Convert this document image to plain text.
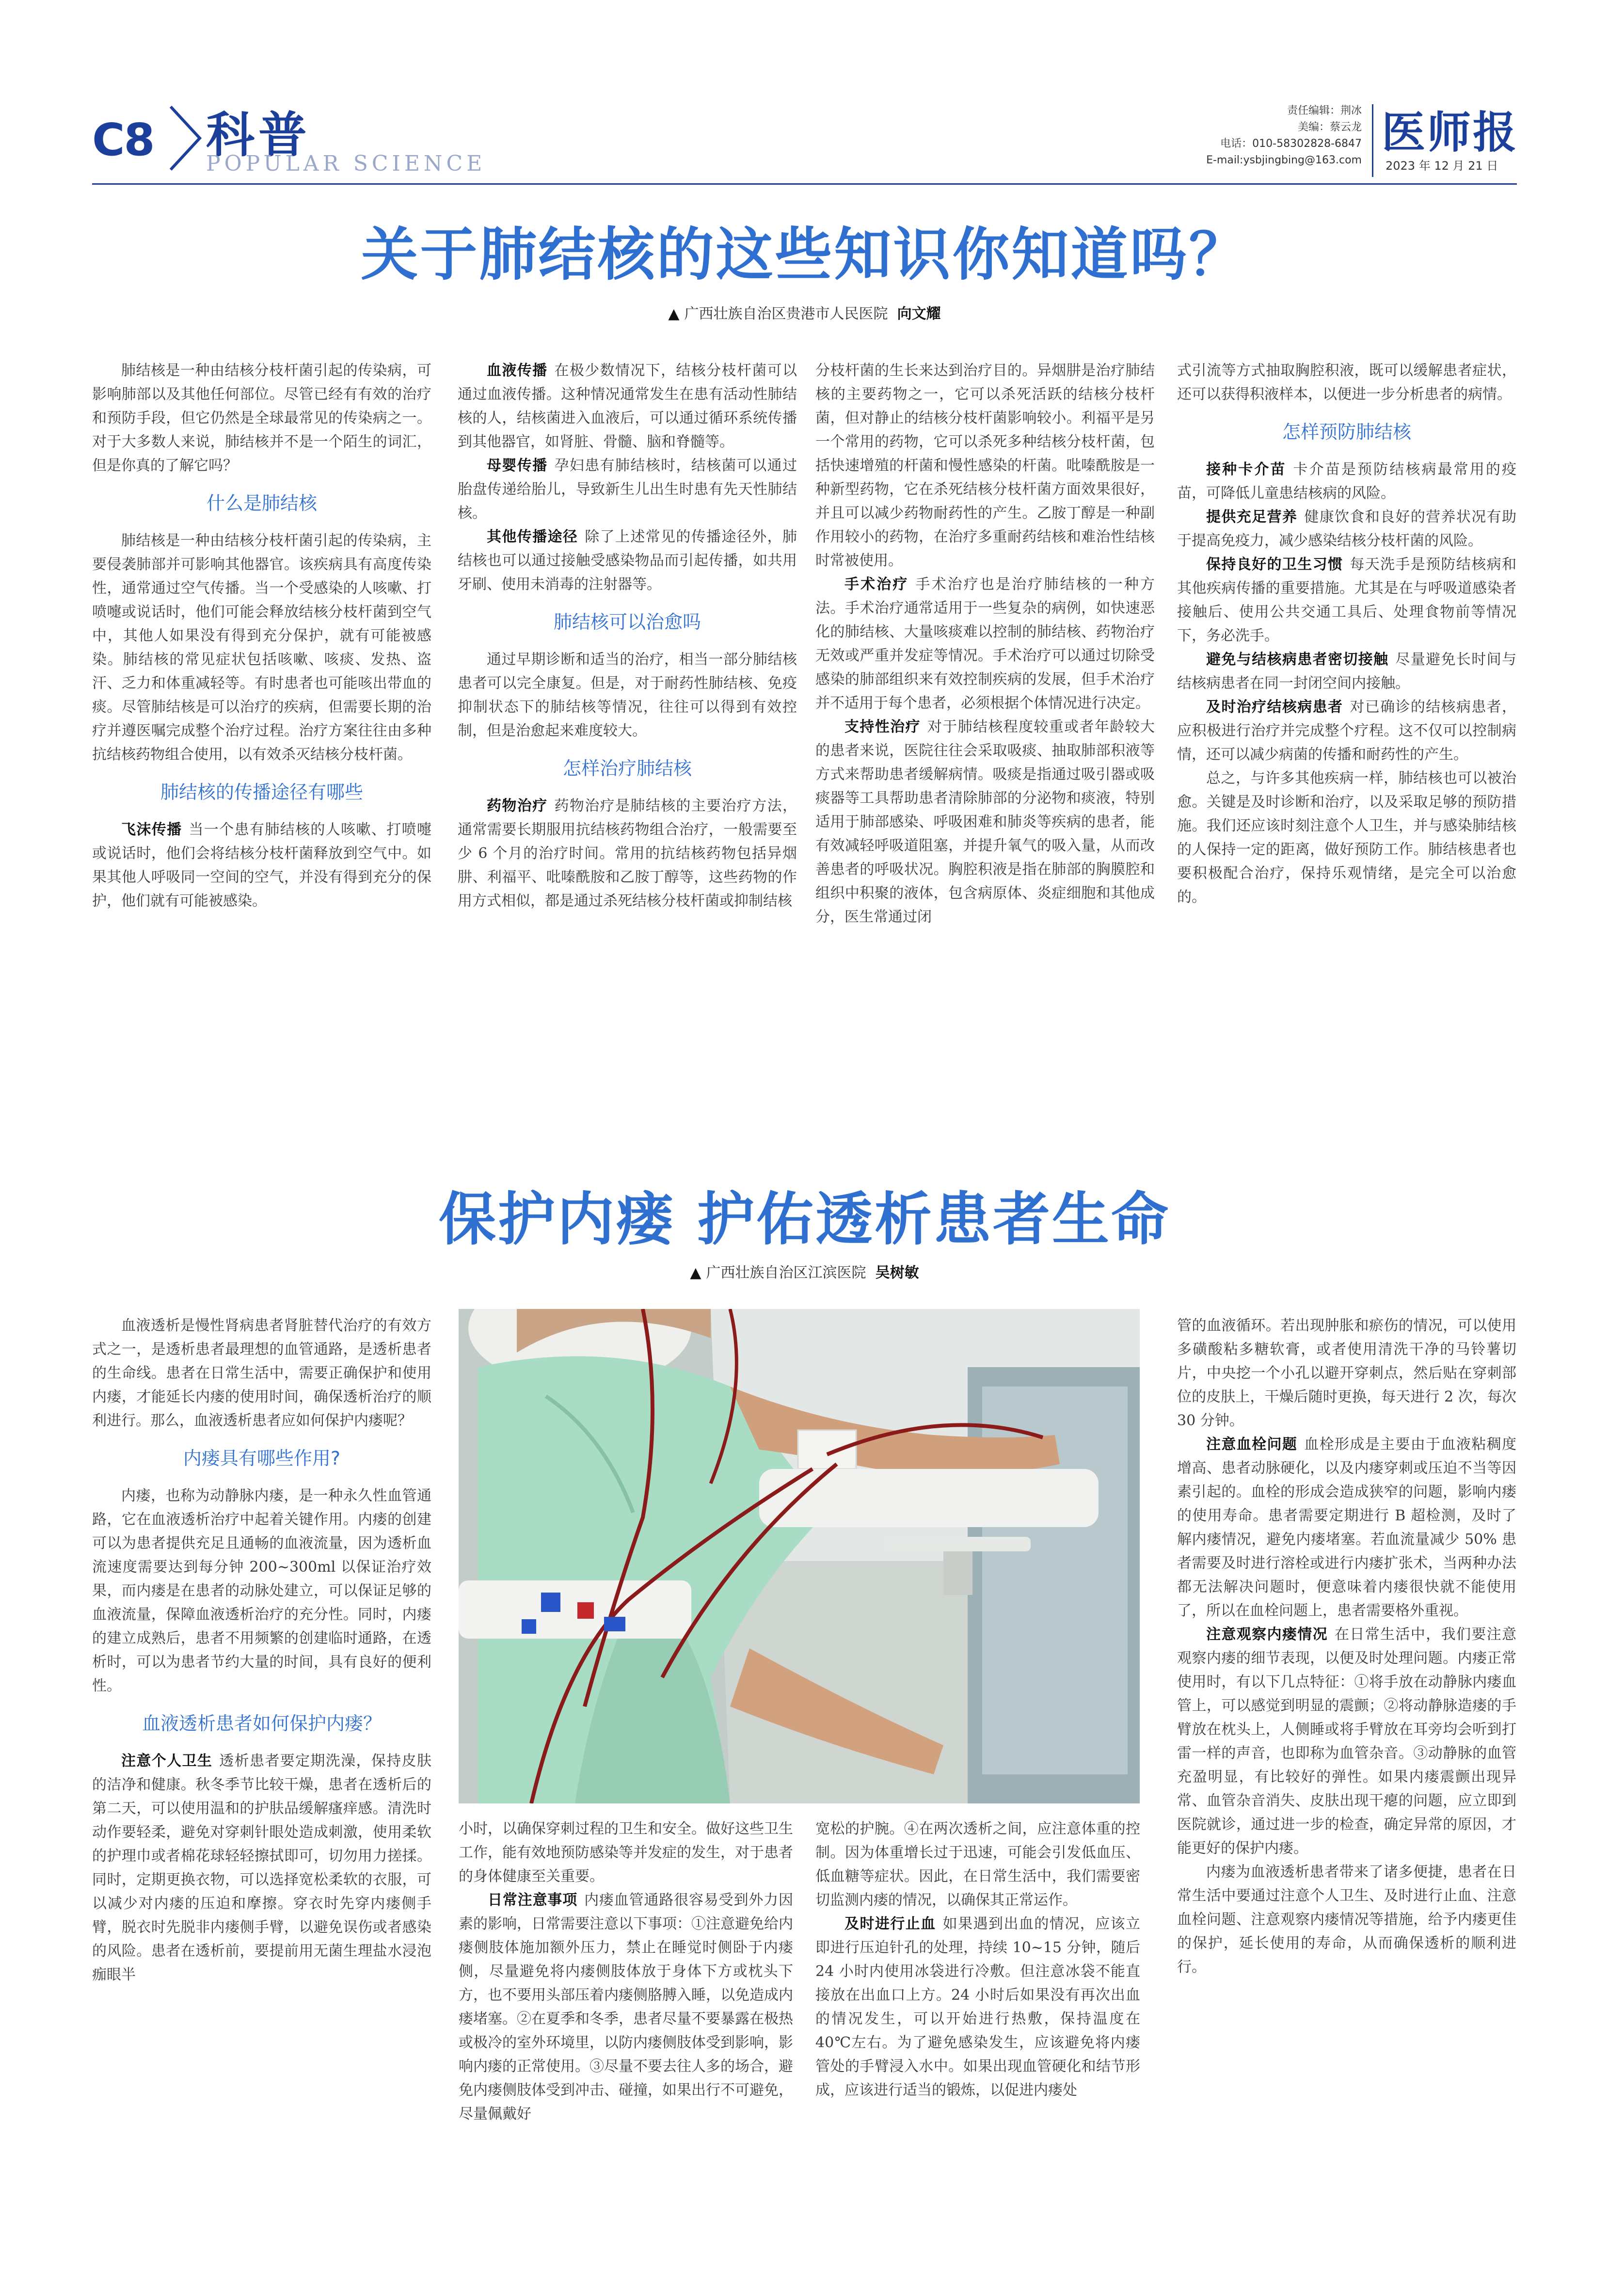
C8 科普
POPULAR SCIENCE
责任编辑：荆冰
美编：蔡云龙
电话：010-58302828-6847
E-mail:ysbjingbing@163.com
医师报
2023 年 12 月 21 日
关于肺结核的这些知识你知道吗？
▲ 广西壮族自治区贵港市人民医院 向文耀

肺结核是一种由结核分枝杆菌引起的传染病，可影响肺部以及其他任何部位。尽管已经有有效的治疗和预防手段，但它仍然是全球最常见的传染病之一。对于大多数人来说，肺结核并不是一个陌生的词汇，但是你真的了解它吗？

什么是肺结核

肺结核是一种由结核分枝杆菌引起的传染病，主要侵袭肺部并可影响其他器官。该疾病具有高度传染性，通常通过空气传播。当一个受感染的人咳嗽、打喷嚏或说话时，他们可能会释放结核分枝杆菌到空气中，其他人如果没有得到充分保护，就有可能被感染。肺结核的常见症状包括咳嗽、咳痰、发热、盗汗、乏力和体重减轻等。有时患者也可能咳出带血的痰。尽管肺结核是可以治疗的疾病，但需要长期的治疗并遵医嘱完成整个治疗过程。治疗方案往往由多种抗结核药物组合使用，以有效杀灭结核分枝杆菌。

肺结核的传播途径有哪些

飞沫传播 当一个患有肺结核的人咳嗽、打喷嚏或说话时，他们会将结核分枝杆菌释放到空气中。如果其他人呼吸同一空间的空气，并没有得到充分的保护，他们就有可能被感染。

血液传播 在极少数情况下，结核分枝杆菌可以通过血液传播。这种情况通常发生在患有活动性肺结核的人，结核菌进入血液后，可以通过循环系统传播到其他器官，如肾脏、骨髓、脑和脊髓等。

母婴传播 孕妇患有肺结核时，结核菌可以通过胎盘传递给胎儿，导致新生儿出生时患有先天性肺结核。

其他传播途径 除了上述常见的传播途径外，肺结核也可以通过接触受感染物品而引起传播，如共用牙刷、使用未消毒的注射器等。

肺结核可以治愈吗

通过早期诊断和适当的治疗，相当一部分肺结核患者可以完全康复。但是，对于耐药性肺结核、免疫抑制状态下的肺结核等情况，往往可以得到有效控制，但是治愈起来难度较大。

怎样治疗肺结核

药物治疗 药物治疗是肺结核的主要治疗方法，通常需要长期服用抗结核药物组合治疗，一般需要至少 6 个月的治疗时间。常用的抗结核药物包括异烟肼、利福平、吡嗪酰胺和乙胺丁醇等，这些药物的作用方式相似，都是通过杀死结核分枝杆菌或抑制结核

分枝杆菌的生长来达到治疗目的。异烟肼是治疗肺结核的主要药物之一，它可以杀死活跃的结核分枝杆菌，但对静止的结核分枝杆菌影响较小。利福平是另一个常用的药物，它可以杀死多种结核分枝杆菌，包括快速增殖的杆菌和慢性感染的杆菌。吡嗪酰胺是一种新型药物，它在杀死结核分枝杆菌方面效果很好，并且可以减少药物耐药性的产生。乙胺丁醇是一种副作用较小的药物，在治疗多重耐药结核和难治性结核时常被使用。

手术治疗 手术治疗也是治疗肺结核的一种方法。手术治疗通常适用于一些复杂的病例，如快速恶化的肺结核、大量咳痰难以控制的肺结核、药物治疗无效或严重并发症等情况。手术治疗可以通过切除受感染的肺部组织来有效控制疾病的发展，但手术治疗并不适用于每个患者，必须根据个体情况进行决定。

支持性治疗 对于肺结核程度较重或者年龄较大的患者来说，医院往往会采取吸痰、抽取肺部积液等方式来帮助患者缓解病情。吸痰是指通过吸引器或吸痰器等工具帮助患者清除肺部的分泌物和痰液，特别适用于肺部感染、呼吸困难和肺炎等疾病的患者，能有效减轻呼吸道阻塞，并提升氧气的吸入量，从而改善患者的呼吸状况。胸腔积液是指在肺部的胸膜腔和组织中积聚的液体，包含病原体、炎症细胞和其他成分，医生常通过闭

式引流等方式抽取胸腔积液，既可以缓解患者症状，还可以获得积液样本，以便进一步分析患者的病情。

怎样预防肺结核

接种卡介苗 卡介苗是预防结核病最常用的疫苗，可降低儿童患结核病的风险。

提供充足营养 健康饮食和良好的营养状况有助于提高免疫力，减少感染结核分枝杆菌的风险。

保持良好的卫生习惯 每天洗手是预防结核病和其他疾病传播的重要措施。尤其是在与呼吸道感染者接触后、使用公共交通工具后、处理食物前等情况下，务必洗手。

避免与结核病患者密切接触 尽量避免长时间与结核病患者在同一封闭空间内接触。

及时治疗结核病患者 对已确诊的结核病患者，应积极进行治疗并完成整个疗程。这不仅可以控制病情，还可以减少病菌的传播和耐药性的产生。

总之，与许多其他疾病一样，肺结核也可以被治愈。关键是及时诊断和治疗，以及采取足够的预防措施。我们还应该时刻注意个人卫生，并与感染肺结核的人保持一定的距离，做好预防工作。肺结核患者也要积极配合治疗，保持乐观情绪，是完全可以治愈的。

保护内瘘 护佑透析患者生命
▲ 广西壮族自治区江滨医院 吴树敏

血液透析是慢性肾病患者肾脏替代治疗的有效方式之一，是透析患者最理想的血管通路，是透析患者的生命线。患者在日常生活中，需要正确保护和使用内瘘，才能延长内瘘的使用时间，确保透析治疗的顺利进行。那么，血液透析患者应如何保护内瘘呢？

内瘘具有哪些作用?

内瘘，也称为动静脉内瘘，是一种永久性血管通路，它在血液透析治疗中起着关键作用。内瘘的创建可以为患者提供充足且通畅的血液流量，因为透析血流速度需要达到每分钟 200~300ml 以保证治疗效果，而内瘘是在患者的动脉处建立，可以保证足够的血液流量，保障血液透析治疗的充分性。同时，内瘘的建立成熟后，患者不用频繁的创建临时通路，在透析时，可以为患者节约大量的时间，具有良好的便利性。

血液透析患者如何保护内瘘？

注意个人卫生 透析患者要定期洗澡，保持皮肤的洁净和健康。秋冬季节比较干燥，患者在透析后的第二天，可以使用温和的护肤品缓解瘙痒感。清洗时动作要轻柔，避免对穿刺针眼处造成刺激，使用柔软的护理巾或者棉花球轻轻擦拭即可，切勿用力搓揉。同时，定期更换衣物，可以选择宽松柔软的衣服，可以减少对内瘘的压迫和摩擦。穿衣时先穿内瘘侧手臂，脱衣时先脱非内瘘侧手臂，以避免误伤或者感染的风险。患者在透析前，要提前用无菌生理盐水浸泡痂眼半

小时，以确保穿刺过程的卫生和安全。做好这些卫生工作，能有效地预防感染等并发症的发生，对于患者的身体健康至关重要。

日常注意事项 内瘘血管通路很容易受到外力因素的影响，日常需要注意以下事项：①注意避免给内瘘侧肢体施加额外压力，禁止在睡觉时侧卧于内瘘侧，尽量避免将内瘘侧肢体放于身体下方或枕头下方，也不要用头部压着内瘘侧胳膊入睡，以免造成内瘘堵塞。②在夏季和冬季，患者尽量不要暴露在极热或极冷的室外环境里，以防内瘘侧肢体受到影响，影响内瘘的正常使用。③尽量不要去往人多的场合，避免内瘘侧肢体受到冲击、碰撞，如果出行不可避免，尽量佩戴好

宽松的护腕。④在两次透析之间，应注意体重的控制。因为体重增长过于迅速，可能会引发低血压、低血糖等症状。因此，在日常生活中，我们需要密切监测内瘘的情况，以确保其正常运作。

及时进行止血 如果遇到出血的情况，应该立即进行压迫针孔的处理，持续 10~15 分钟，随后 24 小时内使用冰袋进行冷敷。但注意冰袋不能直接放在出血口上方。24 小时后如果没有再次出血的情况发生，可以开始进行热敷，保持温度在 40℃左右。为了避免感染发生，应该避免将内瘘管处的手臂浸入水中。如果出现血管硬化和结节形成，应该进行适当的锻炼，以促进内瘘处

管的血液循环。若出现肿胀和瘀伤的情况，可以使用多磺酸粘多糖软膏，或者使用清洗干净的马铃薯切片，中央挖一个小孔以避开穿刺点，然后贴在穿刺部位的皮肤上，干燥后随时更换，每天进行 2 次，每次 30 分钟。

注意血栓问题 血栓形成是主要由于血液粘稠度增高、患者动脉硬化，以及内瘘穿刺或压迫不当等因素引起的。血栓的形成会造成狭窄的问题，影响内瘘的使用寿命。患者需要定期进行 B 超检测，及时了解内瘘情况，避免内瘘堵塞。若血流量减少 50% 患者需要及时进行溶栓或进行内瘘扩张术，当两种办法都无法解决问题时，便意味着内瘘很快就不能使用了，所以在血栓问题上，患者需要格外重视。

注意观察内瘘情况 在日常生活中，我们要注意观察内瘘的细节表现，以便及时处理问题。内瘘正常使用时，有以下几点特征：①将手放在动静脉内瘘血管上，可以感觉到明显的震颤；②将动静脉造瘘的手臂放在枕头上，人侧睡或将手臂放在耳旁均会听到打雷一样的声音，也即称为血管杂音。③动静脉的血管充盈明显，有比较好的弹性。如果内瘘震颤出现异常、血管杂音消失、皮肤出现干瘪的问题，应立即到医院就诊，通过进一步的检查，确定异常的原因，才能更好的保护内瘘。

内瘘为血液透析患者带来了诸多便捷，患者在日常生活中要通过注意个人卫生、及时进行止血、注意血栓问题、注意观察内瘘情况等措施，给予内瘘更佳的保护，延长使用的寿命，从而确保透析的顺利进行。
